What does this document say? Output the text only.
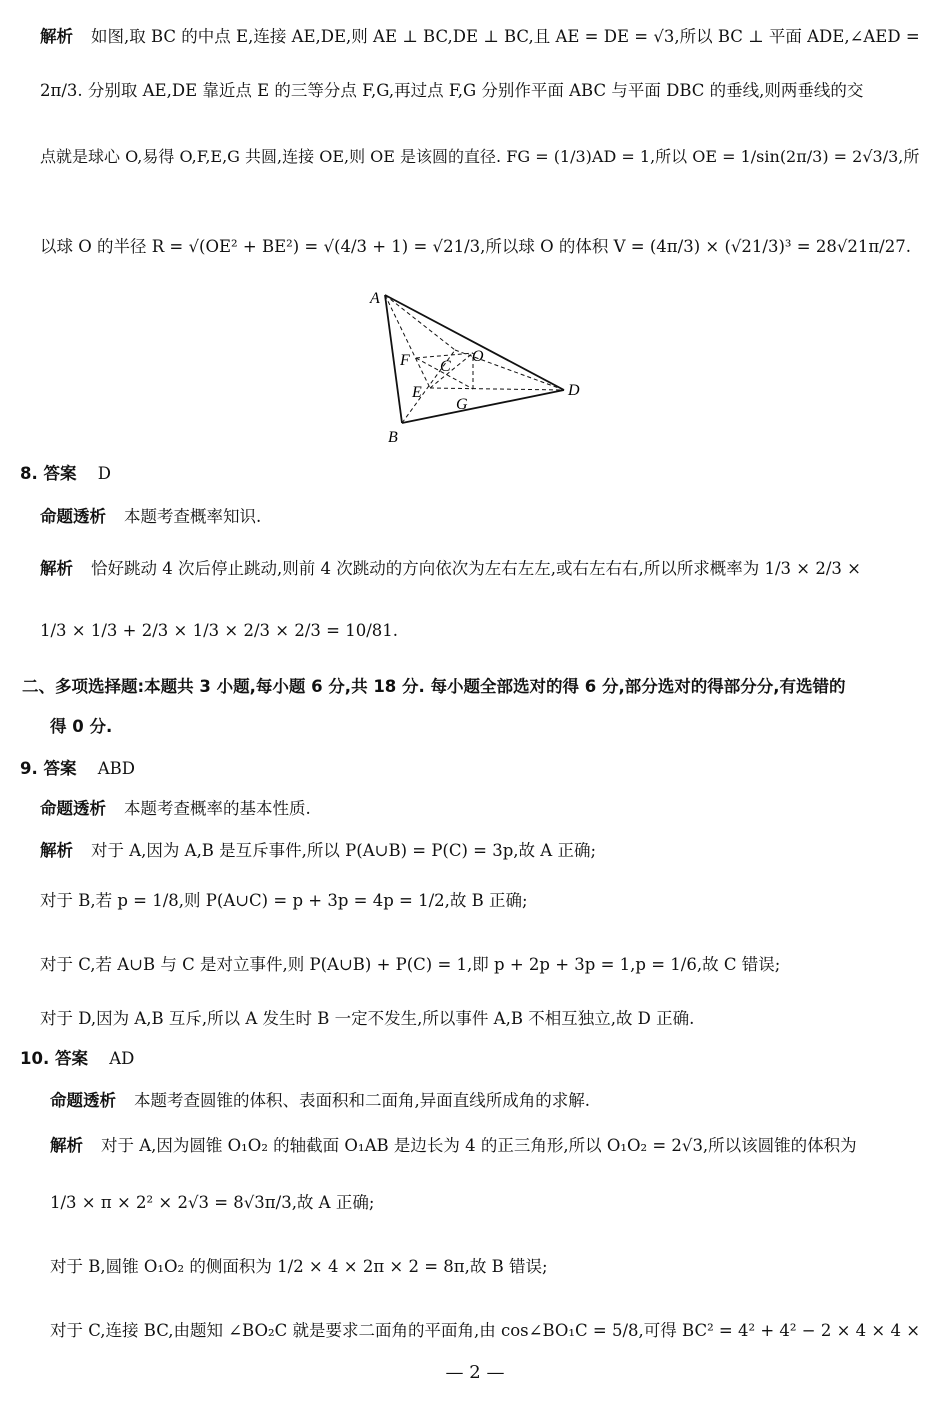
解析 如图,取 BC 的中点 E,连接 AE,DE,则 AE ⊥ BC,DE ⊥ BC,且 AE = DE = √3,所以 BC ⊥ 平面 ADE,∠AED =
2π/3. 分别取 AE,DE 靠近点 E 的三等分点 F,G,再过点 F,G 分别作平面 ABC 与平面 DBC 的垂线,则两垂线的交
点就是球心 O,易得 O,F,E,G 共圆,连接 OE,则 OE 是该圆的直径. FG = (1/3)AD = 1,所以 OE = 1/sin(2π/3) = 2√3/3,所
以球 O 的半径 R = √(OE² + BE²) = √(4/3 + 1) = √21/3,所以球 O 的体积 V = (4π/3) × (√21/3)³ = 28√21π/27.
A
B
C
D
E
F
G
O
8. 答案 D
命题透析 本题考查概率知识.
解析 恰好跳动 4 次后停止跳动,则前 4 次跳动的方向依次为左右左左,或右左右右,所以所求概率为 1/3 × 2/3 ×
1/3 × 1/3 + 2/3 × 1/3 × 2/3 × 2/3 = 10/81.
二、多项选择题:本题共 3 小题,每小题 6 分,共 18 分. 每小题全部选对的得 6 分,部分选对的得部分分,有选错的
得 0 分.
9. 答案 ABD
命题透析 本题考查概率的基本性质.
解析 对于 A,因为 A,B 是互斥事件,所以 P(A∪B) = P(C) = 3p,故 A 正确;
对于 B,若 p = 1/8,则 P(A∪C) = p + 3p = 4p = 1/2,故 B 正确;
对于 C,若 A∪B 与 C 是对立事件,则 P(A∪B) + P(C) = 1,即 p + 2p + 3p = 1,p = 1/6,故 C 错误;
对于 D,因为 A,B 互斥,所以 A 发生时 B 一定不发生,所以事件 A,B 不相互独立,故 D 正确.
10. 答案 AD
命题透析 本题考查圆锥的体积、表面积和二面角,异面直线所成角的求解.
解析 对于 A,因为圆锥 O₁O₂ 的轴截面 O₁AB 是边长为 4 的正三角形,所以 O₁O₂ = 2√3,所以该圆锥的体积为
1/3 × π × 2² × 2√3 = 8√3π/3,故 A 正确;
对于 B,圆锥 O₁O₂ 的侧面积为 1/2 × 4 × 2π × 2 = 8π,故 B 错误;
对于 C,连接 BC,由题知 ∠BO₂C 就是要求二面角的平面角,由 cos∠BO₁C = 5/8,可得 BC² = 4² + 4² − 2 × 4 × 4 ×
— 2 —
